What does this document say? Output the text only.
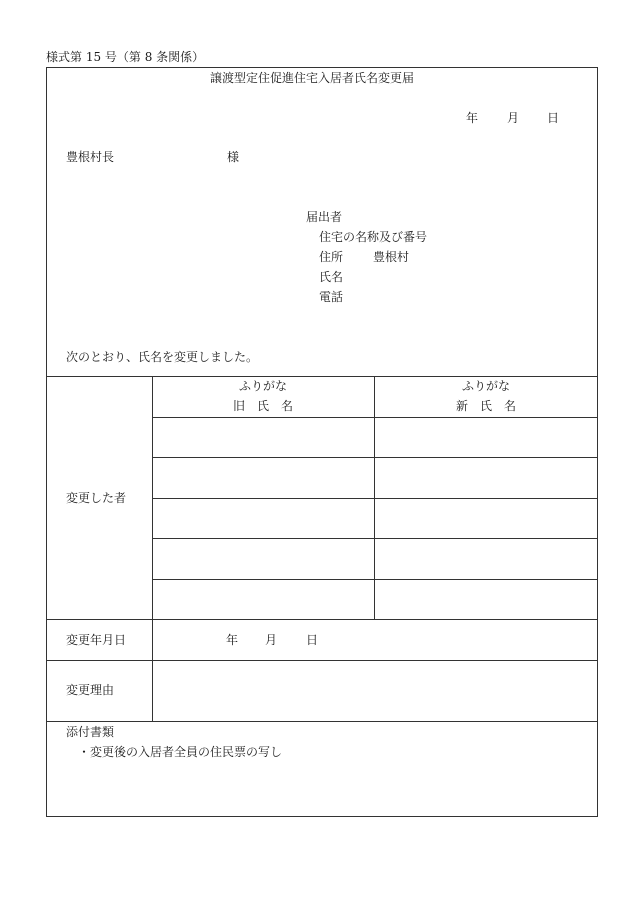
様式第 15 号（第 8 条関係）
譲渡型定住促進住宅入居者氏名変更届
年 月 日
豊根村長	様
届出者
住宅の名称及び番号
住所 豊根村
氏名
電話
次のとおり、氏名を変更しました。
ふりがな
旧　氏　名
ふりがな
新　氏　名
変更した者
変更年月日	年 月 日
変更理由
添付書類
・変更後の入居者全員の住民票の写し
